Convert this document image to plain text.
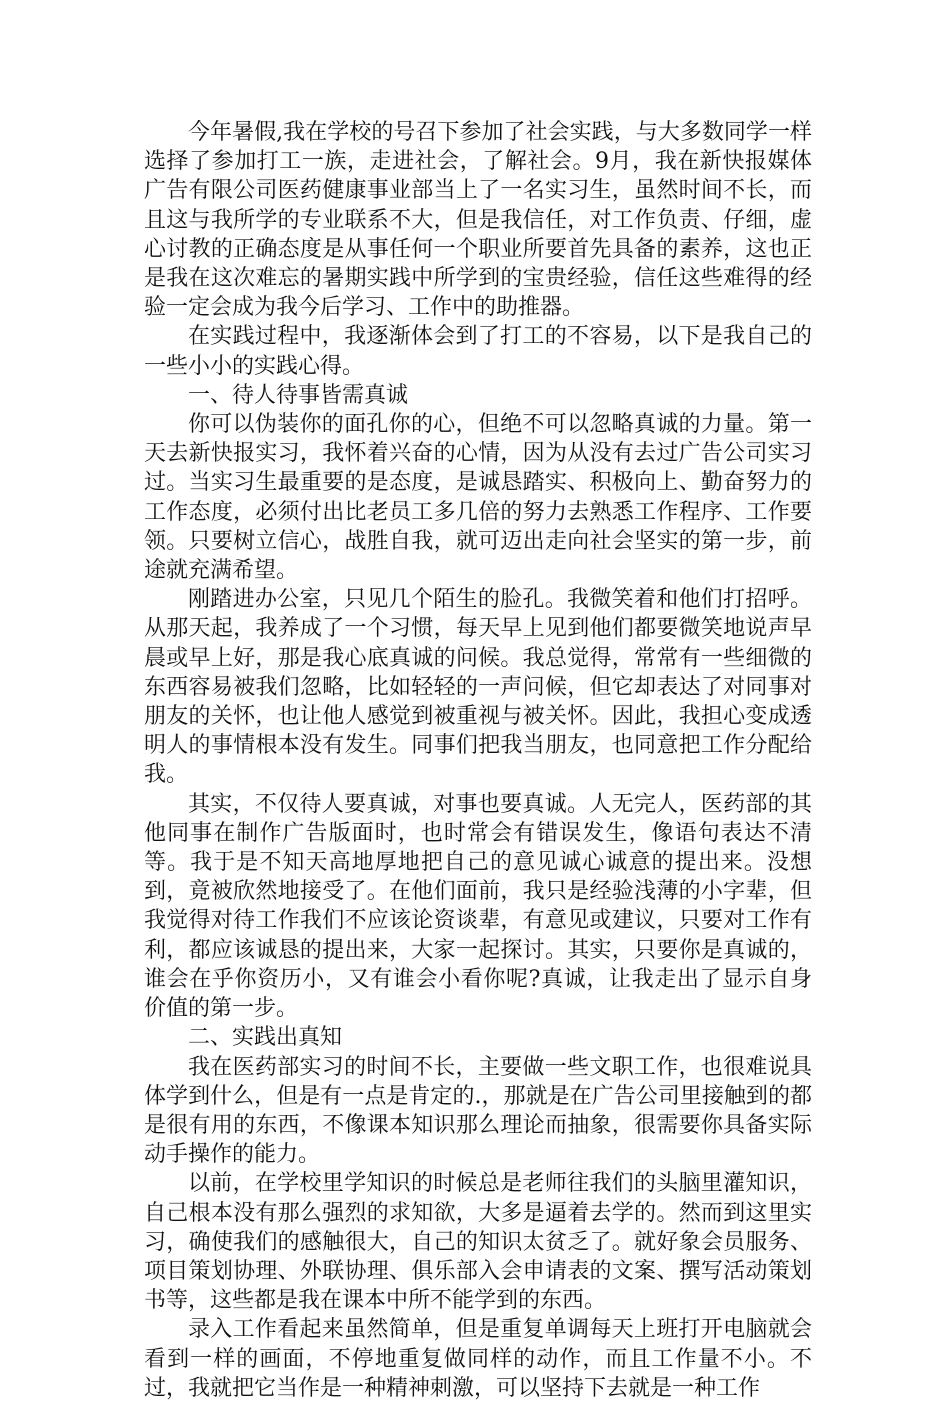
今年暑假,我在学校的号召下参加了社会实践，与大多数同学一样选择了参加打工一族，走进社会，了解社会。9月，我在新快报媒体广告有限公司医药健康事业部当上了一名实习生，虽然时间不长，而且这与我所学的专业联系不大，但是我信任，对工作负责、仔细，虚心讨教的正确态度是从事任何一个职业所要首先具备的素养，这也正是我在这次难忘的暑期实践中所学到的宝贵经验，信任这些难得的经验一定会成为我今后学习、工作中的助推器。

在实践过程中，我逐渐体会到了打工的不容易，以下是我自己的一些小小的实践心得。

一、待人待事皆需真诚

你可以伪装你的面孔你的心，但绝不可以忽略真诚的力量。第一天去新快报实习，我怀着兴奋的心情，因为从没有去过广告公司实习过。当实习生最重要的是态度，是诚恳踏实、积极向上、勤奋努力的工作态度，必须付出比老员工多几倍的努力去熟悉工作程序、工作要领。只要树立信心，战胜自我，就可迈出走向社会坚实的第一步，前途就充满希望。

刚踏进办公室，只见几个陌生的脸孔。我微笑着和他们打招呼。从那天起，我养成了一个习惯，每天早上见到他们都要微笑地说声早晨或早上好，那是我心底真诚的问候。我总觉得，常常有一些细微的东西容易被我们忽略，比如轻轻的一声问候，但它却表达了对同事对朋友的关怀，也让他人感觉到被重视与被关怀。因此，我担心变成透明人的事情根本没有发生。同事们把我当朋友，也同意把工作分配给我。

其实，不仅待人要真诚，对事也要真诚。人无完人，医药部的其他同事在制作广告版面时，也时常会有错误发生，像语句表达不清等。我于是不知天高地厚地把自己的意见诚心诚意的提出来。没想到，竟被欣然地接受了。在他们面前，我只是经验浅薄的小字辈，但我觉得对待工作我们不应该论资谈辈，有意见或建议，只要对工作有利，都应该诚恳的提出来，大家一起探讨。其实，只要你是真诚的，谁会在乎你资历小，又有谁会小看你呢?真诚，让我走出了显示自身价值的第一步。

二、实践出真知

我在医药部实习的时间不长，主要做一些文职工作，也很难说具体学到什么，但是有一点是肯定的.，那就是在广告公司里接触到的都是很有用的东西，不像课本知识那么理论而抽象，很需要你具备实际动手操作的能力。

以前，在学校里学知识的时候总是老师往我们的头脑里灌知识，自己根本没有那么强烈的求知欲，大多是逼着去学的。然而到这里实习，确使我们的感触很大，自己的知识太贫乏了。就好象会员服务、项目策划协理、外联协理、俱乐部入会申请表的文案、撰写活动策划书等，这些都是我在课本中所不能学到的东西。

录入工作看起来虽然简单，但是重复单调每天上班打开电脑就会看到一样的画面，不停地重复做同样的动作，而且工作量不小。不过，我就把它当作是一种精神刺激，可以坚持下去就是一种工作
